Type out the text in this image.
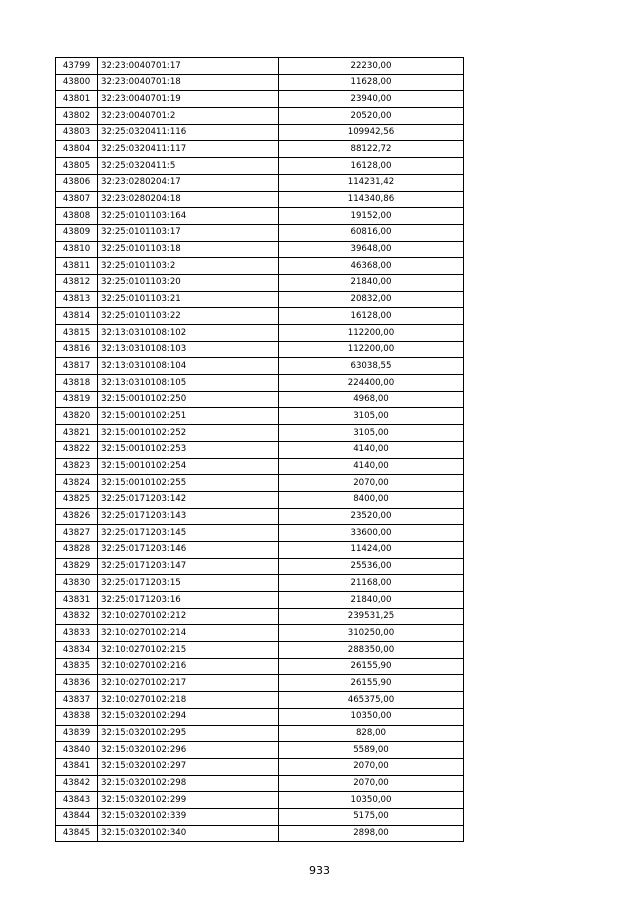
43799	32:23:0040701:17	22230,00
43800	32:23:0040701:18	11628,00
43801	32:23:0040701:19	23940,00
43802	32:23:0040701:2	20520,00
43803	32:25:0320411:116	109942,56
43804	32:25:0320411:117	88122,72
43805	32:25:0320411:5	16128,00
43806	32:23:0280204:17	114231,42
43807	32:23:0280204:18	114340,86
43808	32:25:0101103:164	19152,00
43809	32:25:0101103:17	60816,00
43810	32:25:0101103:18	39648,00
43811	32:25:0101103:2	46368,00
43812	32:25:0101103:20	21840,00
43813	32:25:0101103:21	20832,00
43814	32:25:0101103:22	16128,00
43815	32:13:0310108:102	112200,00
43816	32:13:0310108:103	112200,00
43817	32:13:0310108:104	63038,55
43818	32:13:0310108:105	224400,00
43819	32:15:0010102:250	4968,00
43820	32:15:0010102:251	3105,00
43821	32:15:0010102:252	3105,00
43822	32:15:0010102:253	4140,00
43823	32:15:0010102:254	4140,00
43824	32:15:0010102:255	2070,00
43825	32:25:0171203:142	8400,00
43826	32:25:0171203:143	23520,00
43827	32:25:0171203:145	33600,00
43828	32:25:0171203:146	11424,00
43829	32:25:0171203:147	25536,00
43830	32:25:0171203:15	21168,00
43831	32:25:0171203:16	21840,00
43832	32:10:0270102:212	239531,25
43833	32:10:0270102:214	310250,00
43834	32:10:0270102:215	288350,00
43835	32:10:0270102:216	26155,90
43836	32:10:0270102:217	26155,90
43837	32:10:0270102:218	465375,00
43838	32:15:0320102:294	10350,00
43839	32:15:0320102:295	828,00
43840	32:15:0320102:296	5589,00
43841	32:15:0320102:297	2070,00
43842	32:15:0320102:298	2070,00
43843	32:15:0320102:299	10350,00
43844	32:15:0320102:339	5175,00
43845	32:15:0320102:340	2898,00
933
